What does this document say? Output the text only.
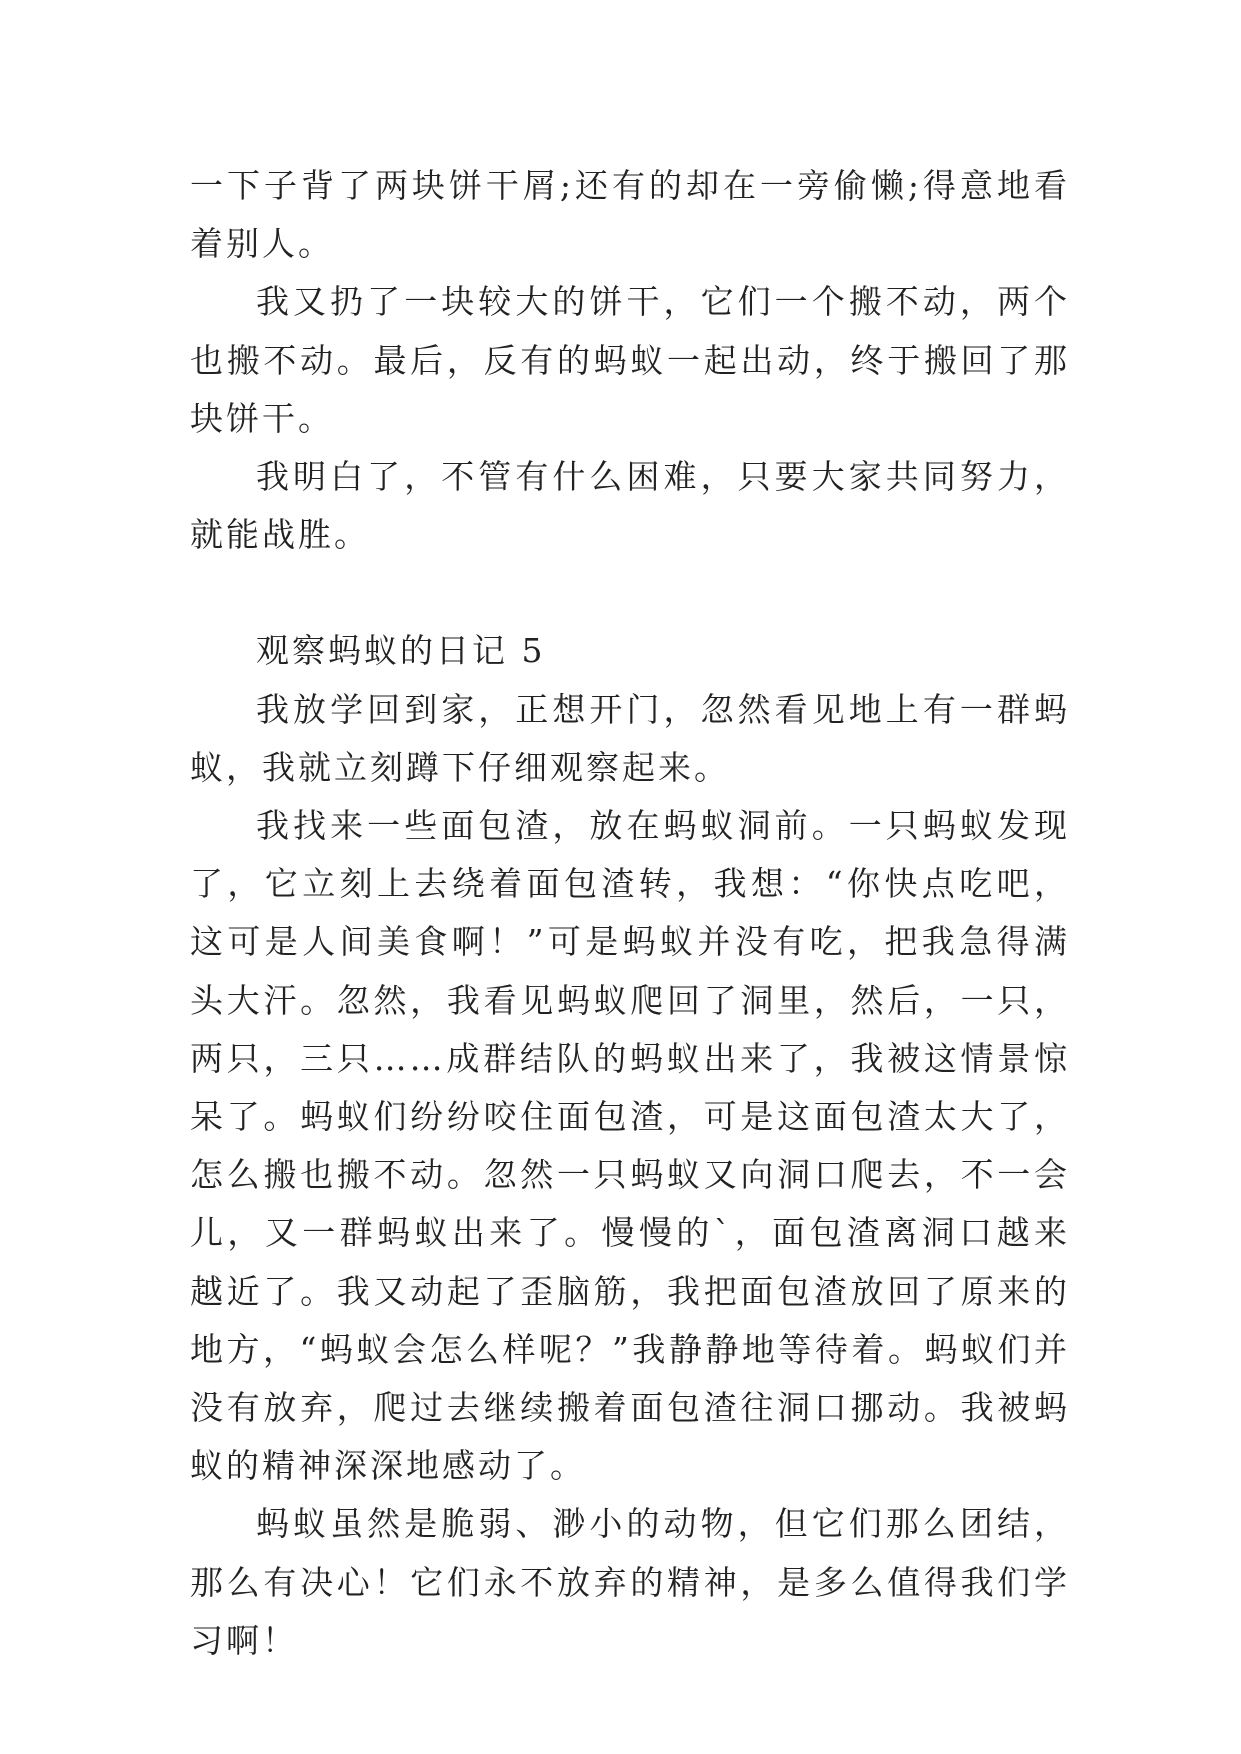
一下子背了两块饼干屑;还有的却在一旁偷懒;得意地看着别人。

我又扔了一块较大的饼干，它们一个搬不动，两个也搬不动。最后，反有的蚂蚁一起出动，终于搬回了那块饼干。

我明白了，不管有什么困难，只要大家共同努力，就能战胜。

观察蚂蚁的日记 5

我放学回到家，正想开门，忽然看见地上有一群蚂蚁，我就立刻蹲下仔细观察起来。

我找来一些面包渣，放在蚂蚁洞前。一只蚂蚁发现了，它立刻上去绕着面包渣转，我想：“你快点吃吧，这可是人间美食啊！”可是蚂蚁并没有吃，把我急得满头大汗。忽然，我看见蚂蚁爬回了洞里，然后，一只，两只，三只……成群结队的蚂蚁出来了，我被这情景惊呆了。蚂蚁们纷纷咬住面包渣，可是这面包渣太大了，怎么搬也搬不动。忽然一只蚂蚁又向洞口爬去，不一会儿，又一群蚂蚁出来了。慢慢的`，面包渣离洞口越来越近了。我又动起了歪脑筋，我把面包渣放回了原来的地方，“蚂蚁会怎么样呢？”我静静地等待着。蚂蚁们并没有放弃，爬过去继续搬着面包渣往洞口挪动。我被蚂蚁的精神深深地感动了。

蚂蚁虽然是脆弱、渺小的动物，但它们那么团结，那么有决心！它们永不放弃的精神，是多么值得我们学习啊！
